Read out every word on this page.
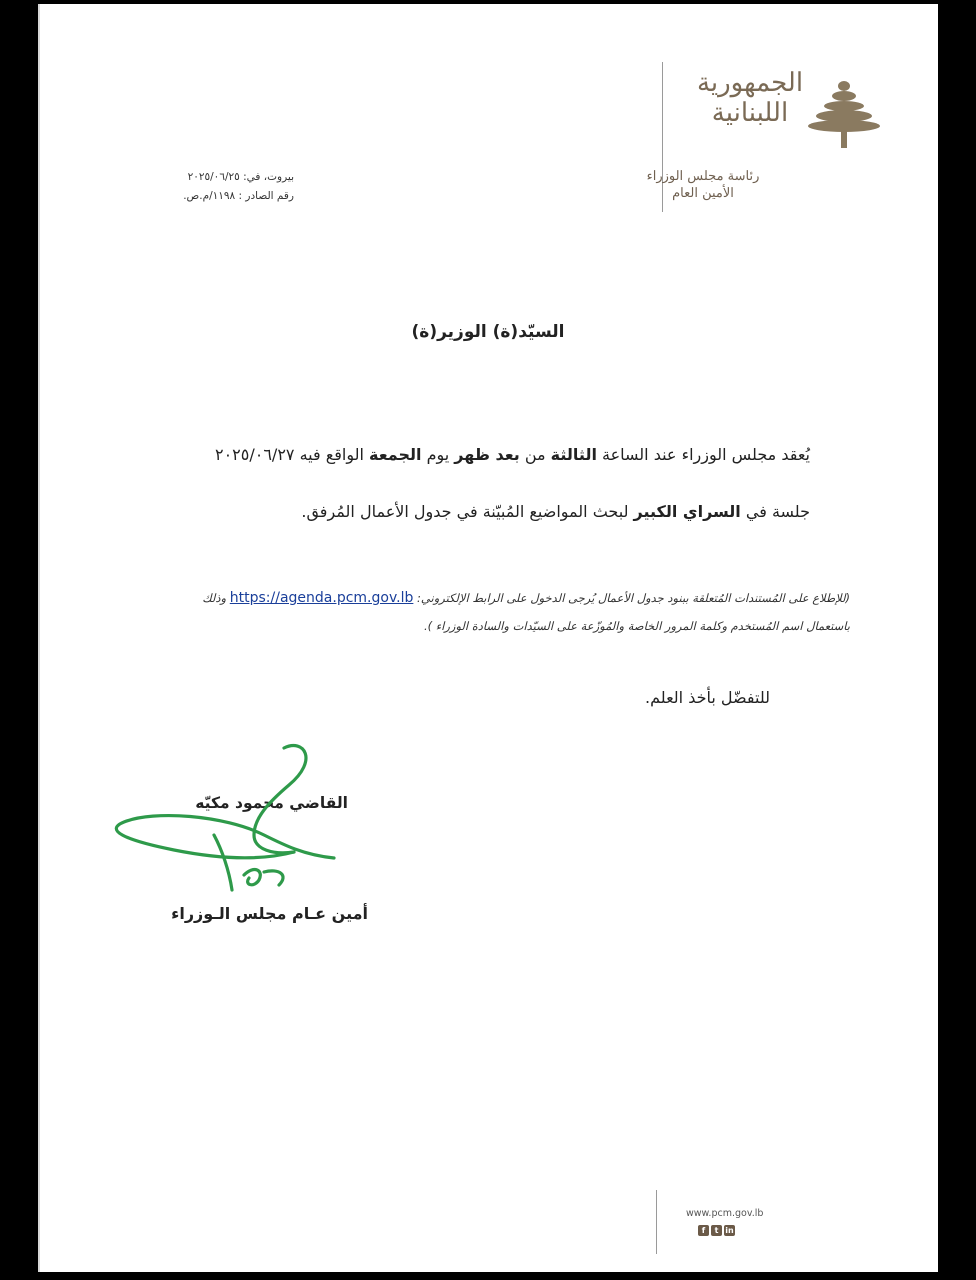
الجمهورية
اللبنانية
رئاسة مجلس الوزراء
الأمين العام
بيروت، في: ٢٠٢٥/٠٦/٢٥
رقم الصادر : ١١٩٨/م.ص.
السيّد(ة) الوزير(ة)
يُعقد مجلس الوزراء عند الساعة الثالثة من بعد ظهر يوم الجمعة الواقع فيه ٢٠٢٥/٠٦/٢٧
جلسة في السراي الكبير لبحث المواضيع المُبيّنة في جدول الأعمال المُرفق.
(للإطلاع على المُستندات المُتعلقة ببنود جدول الأعمال يُرجى الدخول على الرابط الإلكتروني: https://agenda.pcm.gov.lb وذلك
باستعمال اسم المُستخدم وكلمة المرور الخاصة والمُوزّعة على السيّدات والسادة الوزراء ).
للتفضّل بأخذ العلم.
القاضي محمود مكيّه
أمين عـام مجلس الـوزراء
www.pcm.gov.lb
f	t in
